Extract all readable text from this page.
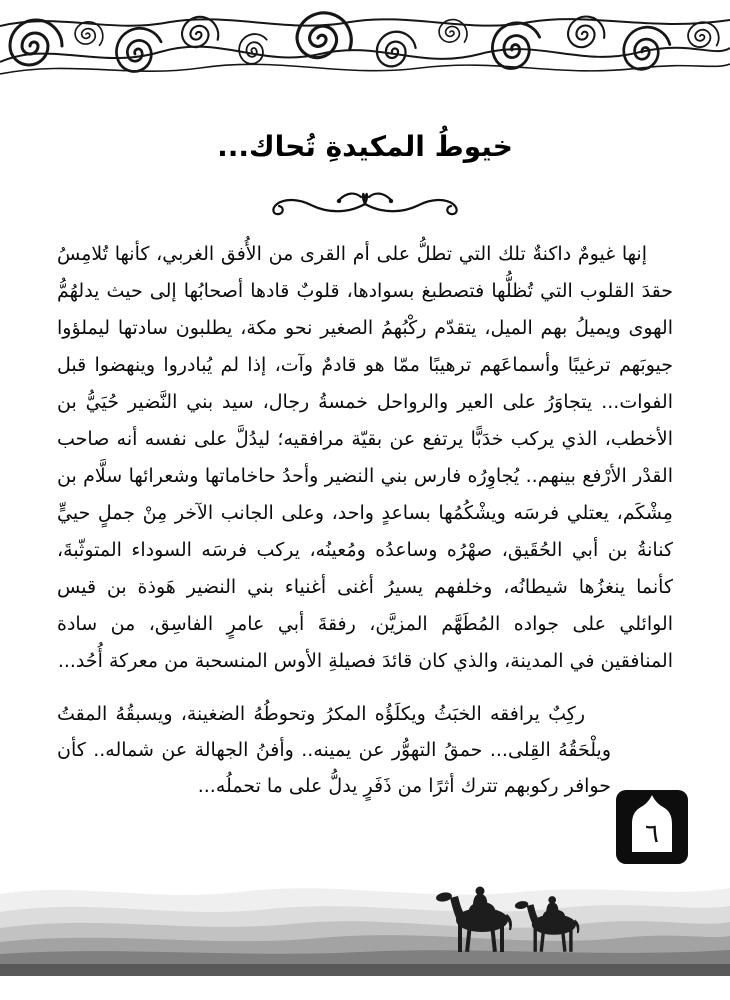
خيوطُ المكيدةِ تُحاك...

إنها غيومٌ داكنةٌ تلك التي تطلُّ على أم القرى من الأُفق الغربي، كأنها تُلامِسُ حقدَ القلوب التي تُظلُّها فتصطبغ بسوادها، قلوبٌ قادها أصحابُها إلى حيث يدلهُمُّ الهوى ويميلُ بهم الميل، يتقدّم ركْبُهمُ الصغير نحو مكة، يطلبون سادتها ليملؤوا جيوبَهم ترغيبًا وأسماعَهم ترهيبًا ممّا هو قادمٌ وآت، إذا لم يُبادروا وينهضوا قبل الفوات... يتجاوَرُ على العير والرواحل خمسةُ رجال، سيد بني النَّضير حُيَيُّ بن الأخطب، الذي يركب خدَبًّا يرتفع عن بقيّة مرافقيه؛ ليدُلَّ على نفسه أنه صاحب القدْر الأرْفع بينهم.. يُجاوِرُه فارس بني النضير وأحدُ حاخاماتها وشعرائها سلَّام بن مِشْكَم، يعتلي فرسَه ويشْكُمُها بساعدٍ واحد، وعلى الجانب الآخر مِنْ جملٍ حييٍّ كنانةُ بن أبي الحُقَيق، صهْرُه وساعدُه ومُعينُه، يركب فرسَه السوداء المتوثّبةَ، كأنما ينغزُها شيطانُه، وخلفهم يسيرُ أغنى أغنياء بني النضير هَوذة بن قيس الوائلي على جواده المُطَهَّم المزيَّن، رفقةَ أبي عامرٍ الفاسِق، من سادة المنافقين في المدينة، والذي كان قائدَ فصيلةِ الأوس المنسحبة من معركة أُحُد...

ركِبٌ يرافقه الخبَثُ ويكلَؤُه المكرُ وتحوطُهُ الضغينة، ويسبقُهُ المقتُ ويلْحَقُهُ القِلى... حمقُ التهوُّر عن يمينه.. وأفنُ الجهالة عن شماله.. كأن حوافر ركوبهم تترك أثرًا من ذَفَرٍ يدلُّ على ما تحملُه...

٦
